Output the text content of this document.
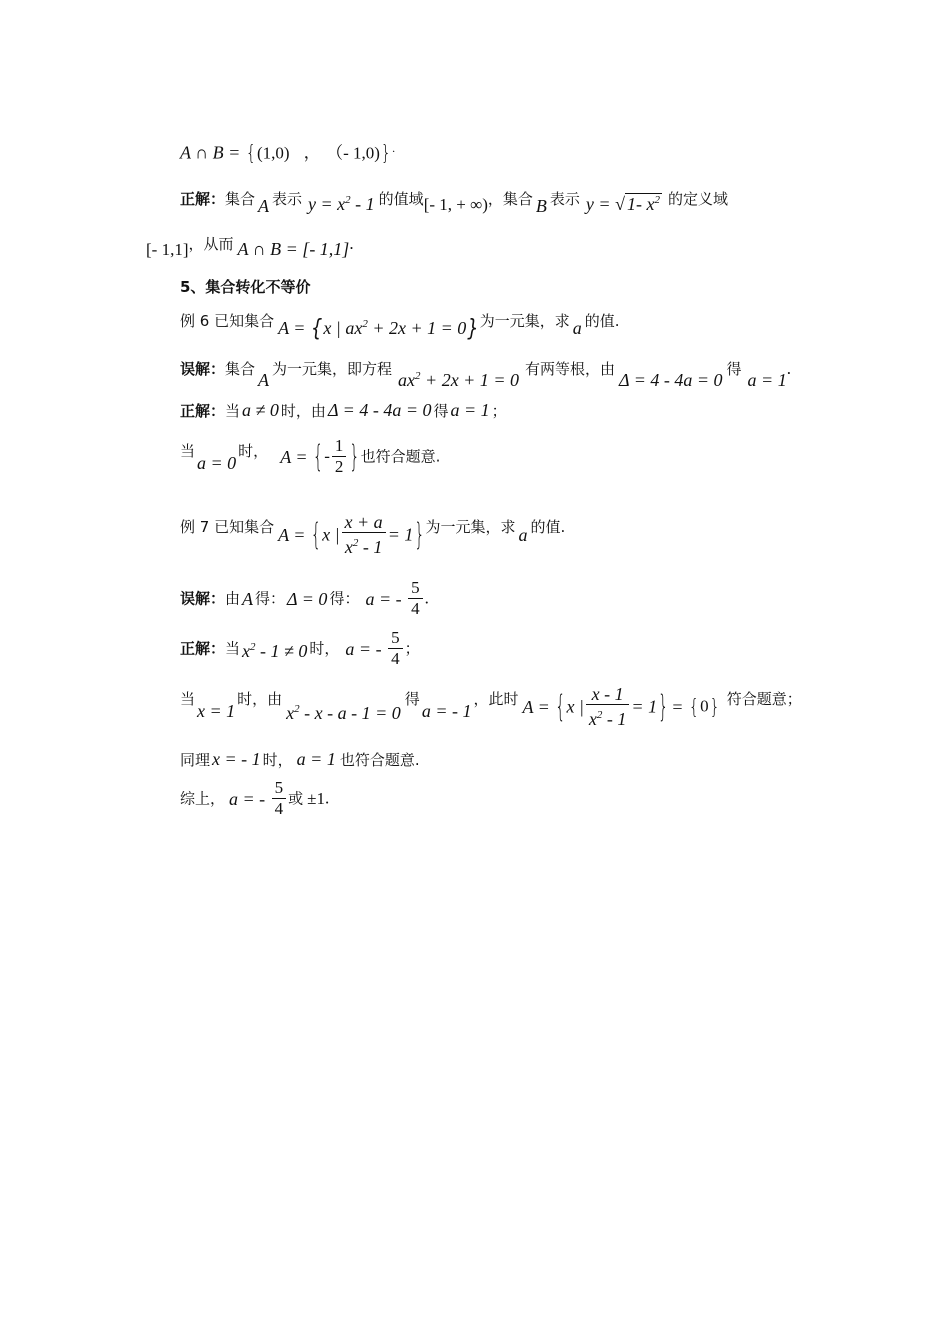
A ∩ B = {(1,0) ， （- 1,0)}.
正解：集合 A 表示 $y = x^2 - 1$ 的值域[- 1, + ∞)，集合 B 表示 y = √ 1- $x^2$ 的定义域
[- 1,1]，从而 A ∩ B = [- 1,1].
5、集合转化不等价
例 6 已知集合 A = {x | $ax^2 + 2x + 1 = 0$}为一元集，求 a 的值.
误解：集合A为一元集，即方程$ax^2 + 2x + 1 = 0$有两等根，由Δ = 4 - 4a = 0得a = 1.
正解：当 a ≠ 0 时，由 Δ = 4 - 4a = 0 得 a = 1 ；
当a = 0时， A = {- $\frac{1}{2}$ }也符合题意.
例 7 已知集合 A = {x | $\frac{x + a}{x^2 - 1} = 1$}为一元集，求 a 的值.
误解：由 A 得： Δ = 0 得： a = - $\frac{5}{4}$ .
正解：当 $x^2 - 1 \ne 0$ 时， a = - $\frac{5}{4}$ ；
当x = 1时，由$x^2 - x - a - 1 = 0$得a = - 1，此时 A = {x | $\frac{x - 1}{x^2 - 1} = 1\} = \{0\}$ 符合题意；
同理 x = - 1 时， a = 1 也符合题意.
综上， a = - $\frac{5}{4}$ 或 ±1.
